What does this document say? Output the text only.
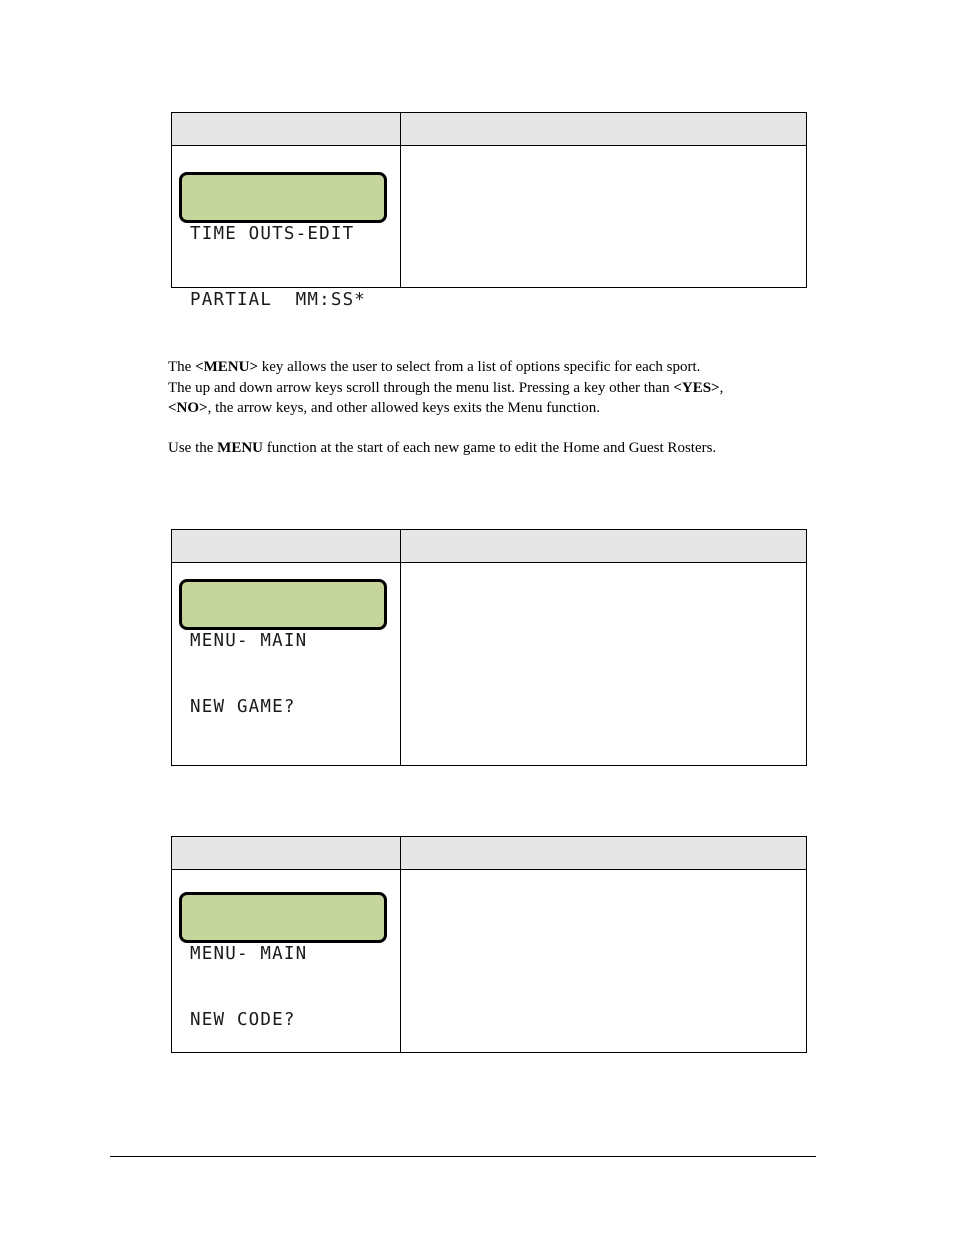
TIME OUTS-EDIT

PARTIAL  MM:SS*

The <MENU> key allows the user to select from a list of options specific for each sport.
The up and down arrow keys scroll through the menu list. Pressing a key other than <YES>,
<NO>, the arrow keys, and other allowed keys exits the Menu function.
Use the MENU function at the start of each new game to edit the Home and Guest Rosters.

MENU- MAIN

NEW GAME?

MENU- MAIN

NEW CODE?
